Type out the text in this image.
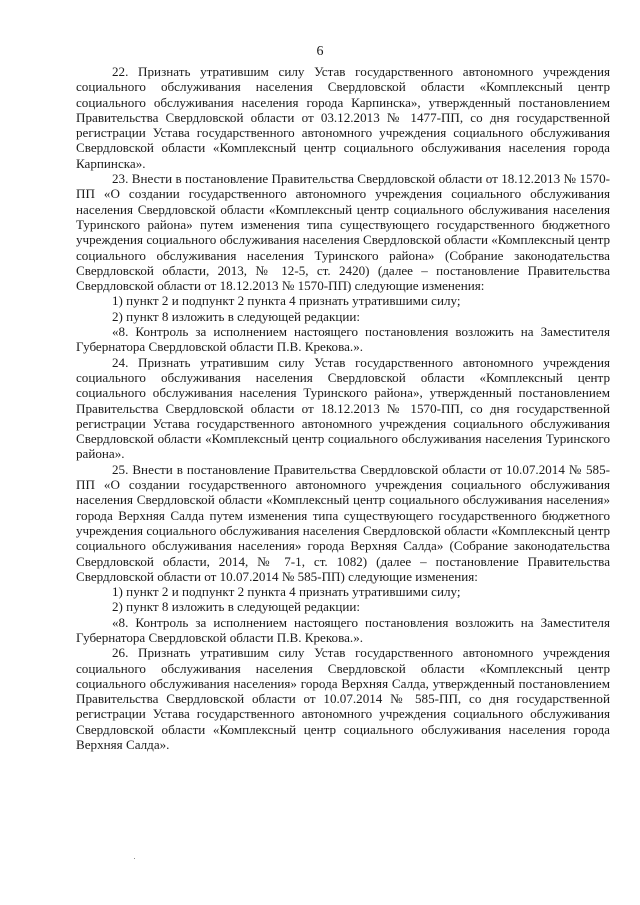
6

22. Признать утратившим силу Устав государственного автономного учреждения социального обслуживания населения Свердловской области «Комплексный центр социального обслуживания населения города Карпинска», утвержденный постановлением Правительства Свердловской области от 03.12.2013 № 1477-ПП, со дня государственной регистрации Устава государственного автономного учреждения социального обслуживания Свердловской области «Комплексный центр социального обслуживания населения города Карпинска».

23. Внести в постановление Правительства Свердловской области от 18.12.2013 № 1570-ПП «О создании государственного автономного учреждения социального обслуживания населения Свердловской области «Комплексный центр социального обслуживания населения Туринского района» путем изменения типа существующего государственного бюджетного учреждения социального обслуживания населения Свердловской области «Комплексный центр социального обслуживания населения Туринского района» (Собрание законодательства Свердловской области, 2013, № 12-5, ст. 2420) (далее – постановление Правительства Свердловской области от 18.12.2013 № 1570-ПП) следующие изменения:

1) пункт 2 и подпункт 2 пункта 4 признать утратившими силу;

2) пункт 8 изложить в следующей редакции:

«8. Контроль за исполнением настоящего постановления возложить на Заместителя Губернатора Свердловской области П.В. Крекова.».

24. Признать утратившим силу Устав государственного автономного учреждения социального обслуживания населения Свердловской области «Комплексный центр социального обслуживания населения Туринского района», утвержденный постановлением Правительства Свердловской области от 18.12.2013 № 1570-ПП, со дня государственной регистрации Устава государственного автономного учреждения социального обслуживания Свердловской области «Комплексный центр социального обслуживания населения Туринского района».

25. Внести в постановление Правительства Свердловской области от 10.07.2014 № 585-ПП «О создании государственного автономного учреждения социального обслуживания населения Свердловской области «Комплексный центр социального обслуживания населения» города Верхняя Салда путем изменения типа существующего государственного бюджетного учреждения социального обслуживания населения Свердловской области «Комплексный центр социального обслуживания населения» города Верхняя Салда» (Собрание законодательства Свердловской области, 2014, № 7-1, ст. 1082) (далее – постановление Правительства Свердловской области от 10.07.2014 № 585-ПП) следующие изменения:

1) пункт 2 и подпункт 2 пункта 4 признать утратившими силу;

2) пункт 8 изложить в следующей редакции:

«8. Контроль за исполнением настоящего постановления возложить на Заместителя Губернатора Свердловской области П.В. Крекова.».

26. Признать утратившим силу Устав государственного автономного учреждения социального обслуживания населения Свердловской области «Комплексный центр социального обслуживания населения» города Верхняя Салда, утвержденный постановлением Правительства Свердловской области от 10.07.2014 № 585-ПП, со дня государственной регистрации Устава государственного автономного учреждения социального обслуживания Свердловской области «Комплексный центр социального обслуживания населения города Верхняя Салда».
